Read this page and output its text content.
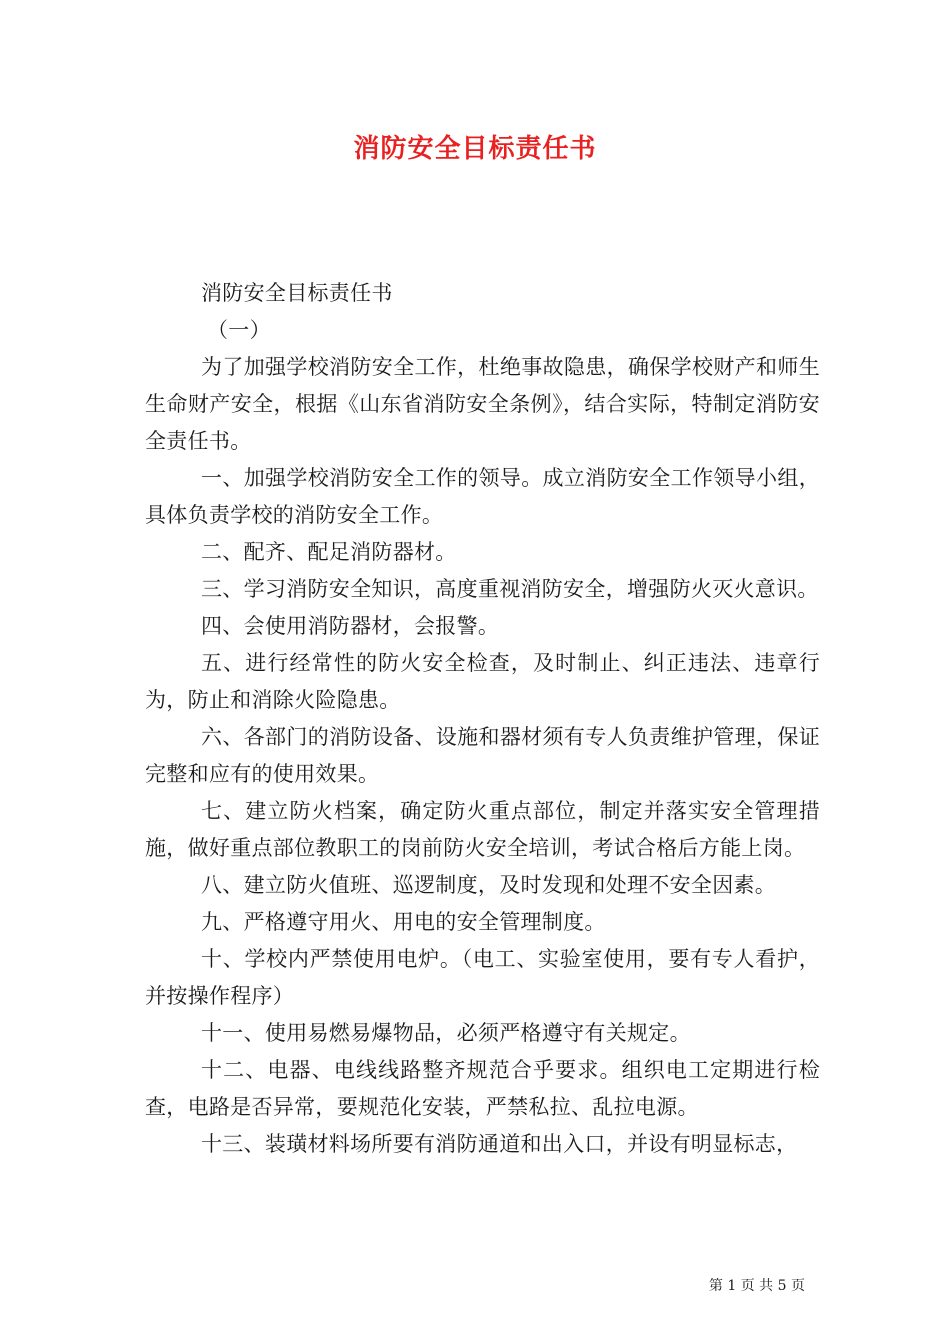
消防安全目标责任书

消防安全目标责任书

（一）

为了加强学校消防安全工作，杜绝事故隐患，确保学校财产和师生生命财产安全，根据《山东省消防安全条例》，结合实际，特制定消防安全责任书。

一、加强学校消防安全工作的领导。成立消防安全工作领导小组，具体负责学校的消防安全工作。

二、配齐、配足消防器材。

三、学习消防安全知识，高度重视消防安全，增强防火灭火意识。

四、会使用消防器材，会报警。

五、进行经常性的防火安全检查，及时制止、纠正违法、违章行为，防止和消除火险隐患。

六、各部门的消防设备、设施和器材须有专人负责维护管理，保证完整和应有的使用效果。

七、建立防火档案，确定防火重点部位，制定并落实安全管理措施，做好重点部位教职工的岗前防火安全培训，考试合格后方能上岗。

八、建立防火值班、巡逻制度，及时发现和处理不安全因素。

九、严格遵守用火、用电的安全管理制度。

十、学校内严禁使用电炉。（电工、实验室使用，要有专人看护，并按操作程序）

十一、使用易燃易爆物品，必须严格遵守有关规定。

十二、电器、电线线路整齐规范合乎要求。组织电工定期进行检查，电路是否异常，要规范化安装，严禁私拉、乱拉电源。

十三、装璜材料场所要有消防通道和出入口，并设有明显标志，

第 1 页 共 5 页
